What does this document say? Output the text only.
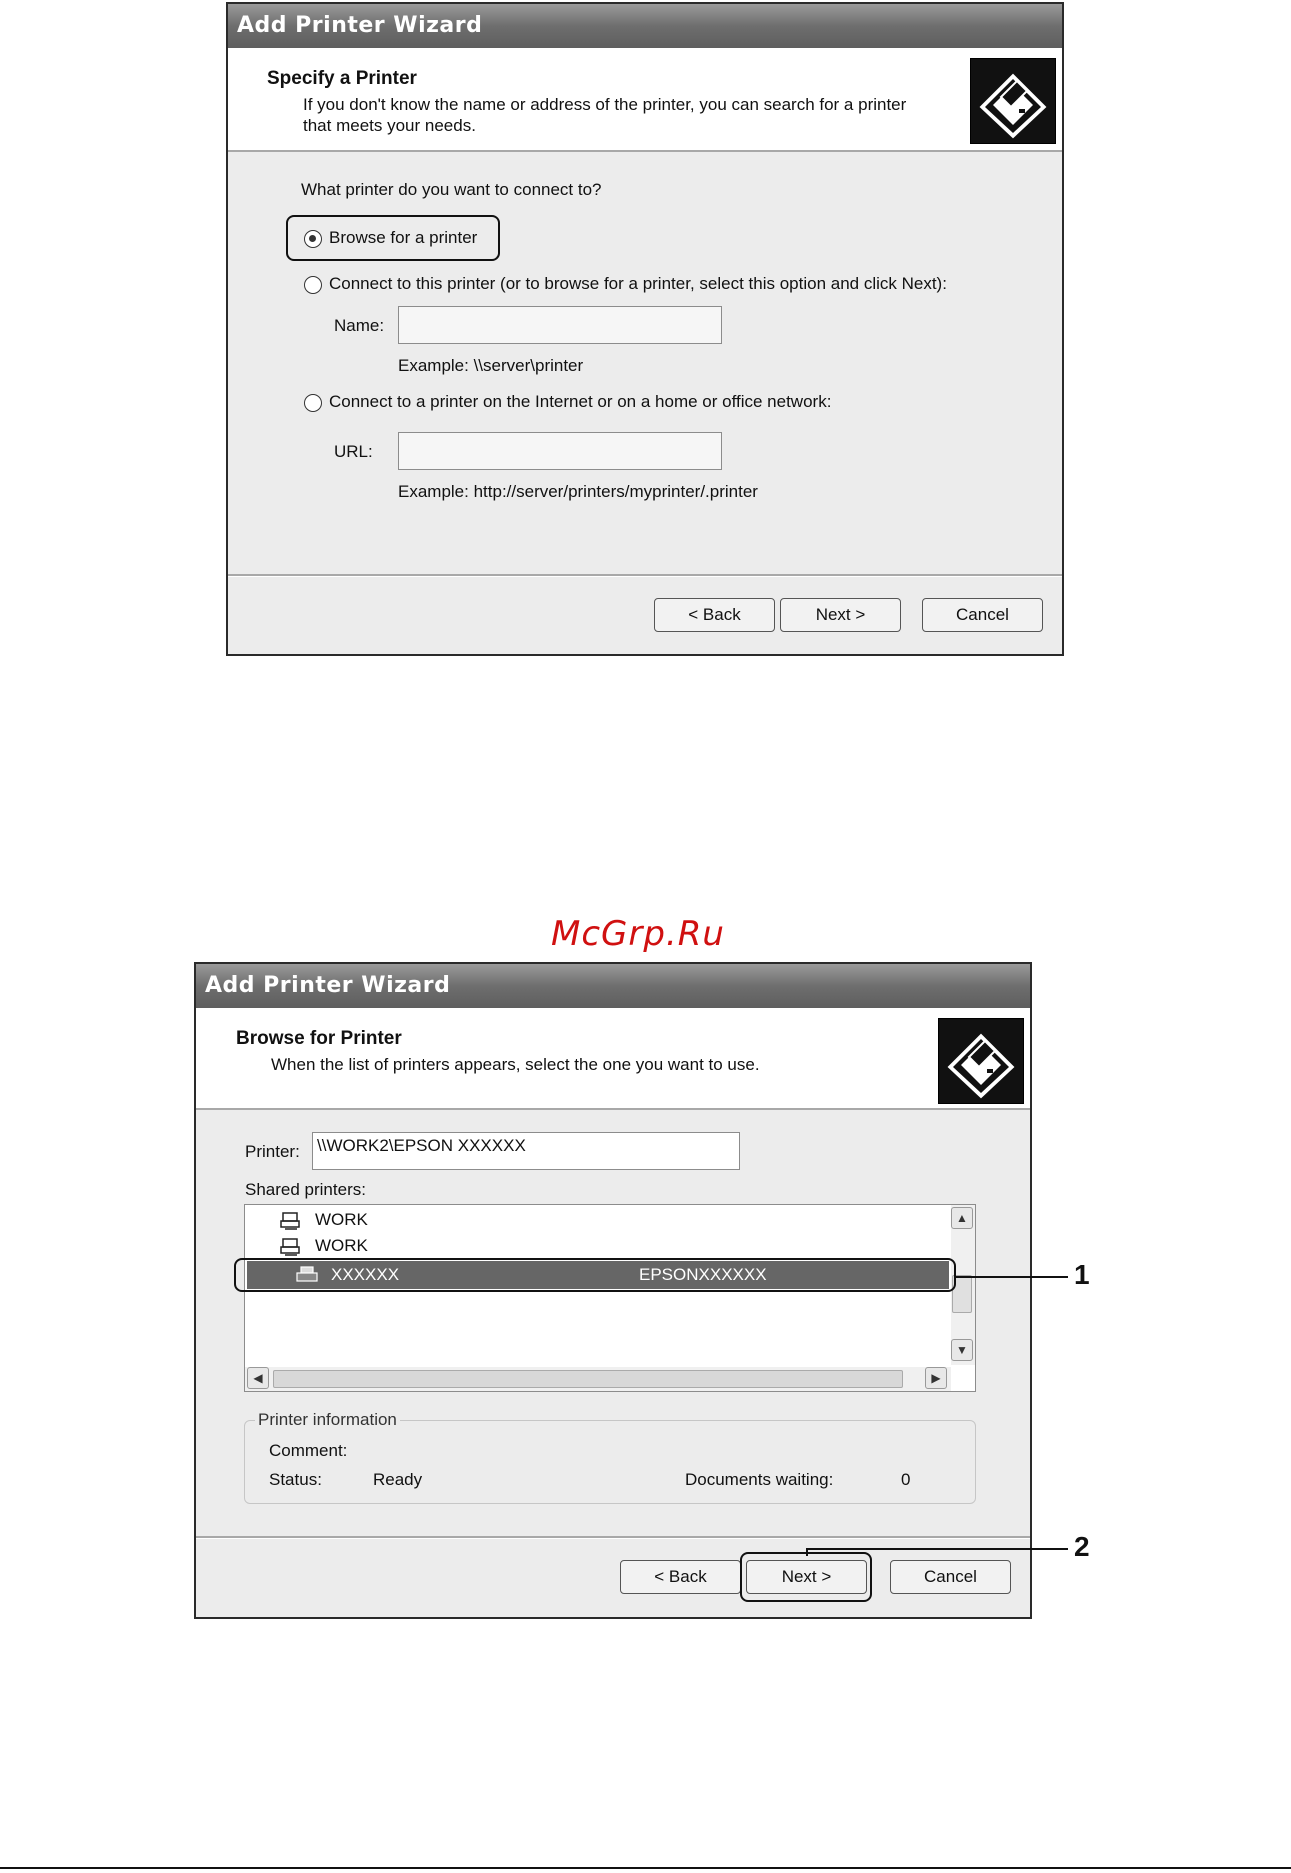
Add Printer Wizard
Specify a Printer
If you don't know the name or address of the printer, you can search for a printer
that meets your needs.
What printer do you want to connect to?
Browse for a printer
Connect to this printer (or to browse for a printer, select this option and click Next):
Name:
Example: \\server\printer
Connect to a printer on the Internet or on a home or office network:
URL:
Example: http://server/printers/myprinter/.printer
< Back	Next >	Cancel
McGrp.Ru
Add Printer Wizard
Browse for Printer
When the list of printers appears, select the one you want to use.
Printer: \\WORK2\EPSON XXXXXX
Shared printers:
WORK
WORK
XXXXXX	EPSONXXXXXX
▲
▼
◀	▶
Printer information
Comment:
Status:	Ready	Documents waiting:	0
< Back	Next >	Cancel
1
2
